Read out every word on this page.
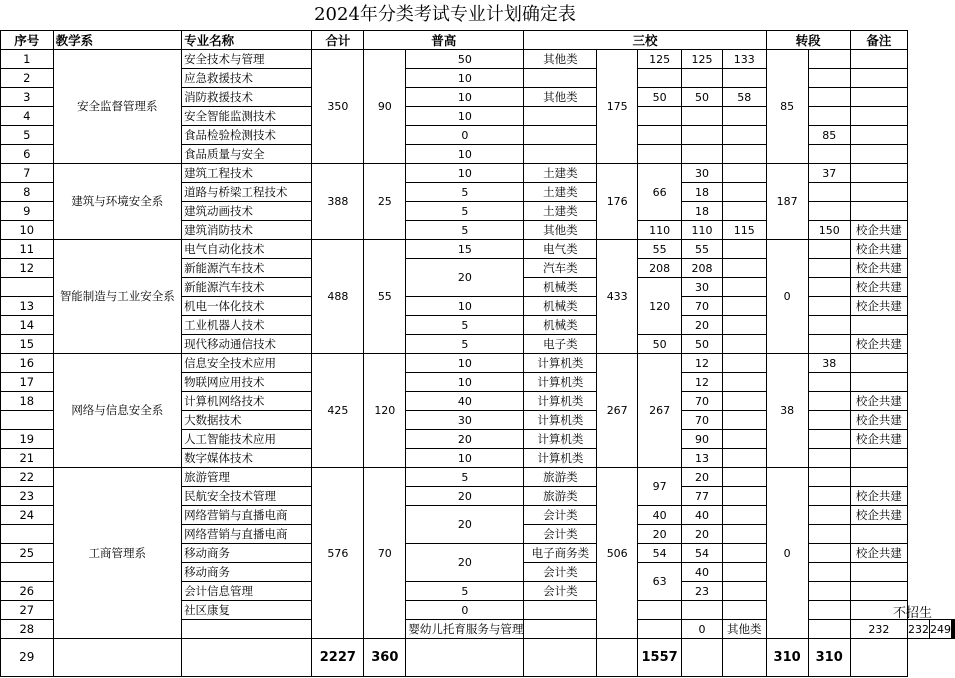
2024年分类考试专业计划确定表
序号	教学系	专业名称	合计	普高		三校					转段		备注				
1	安全监督管理系	安全技术与管理	350	90	50	其他类	175	125	125	133	85						
2		应急救援技术			10												
3		消防救援技术			10	其他类		50	50	58							
4		安全智能监测技术			10												
5		食品检验检测技术			0							85					
6		食品质量与安全			10												
7	建筑与环境安全系	建筑工程技术	388	25	10	土建类	176	66	30		187	37					
8		道路与桥梁工程技术			5	土建类			18								
9		建筑动画技术			5	土建类			18								
10		建筑消防技术			5	其他类		110	110	115		150	校企共建				
11	智能制造与工业安全系	电气自动化技术	488	55	15	电气类	433	55	55		0		校企共建				
12		新能源汽车技术			20	汽车类		208	208				校企共建				
		新能源汽车技术				机械类		120	30				校企共建				
13		机电一体化技术			10	机械类			70				校企共建				
14		工业机器人技术			5	机械类			20								
15		现代移动通信技术			5	电子类		50	50				校企共建				
16	网络与信息安全系	信息安全技术应用	425	120	10	计算机类	267	267	12		38	38					
17		物联网应用技术			10	计算机类			12								
18		计算机网络技术			40	计算机类			70				校企共建				
		大数据技术			30	计算机类			70				校企共建				
19		人工智能技术应用			20	计算机类			90				校企共建				
21		数字媒体技术			10	计算机类			13								
22	工商管理系	旅游管理	576	70	5	旅游类	506	97	20		0						
23		民航安全技术管理			20	旅游类			77				校企共建				
24		网络营销与直播电商			20	会计类		40	40				校企共建				
		网络营销与直播电商				会计类		20	20								
25		移动商务			20	电子商务类		54	54				校企共建				
		移动商务				会计类		63	40								
26		会计信息管理			5	会计类			23								
27		社区康复			0												
28					婴幼儿托育服务与管理				0	其他类			232	232	249			
29			2227	360				1557			310	310					
不招生
